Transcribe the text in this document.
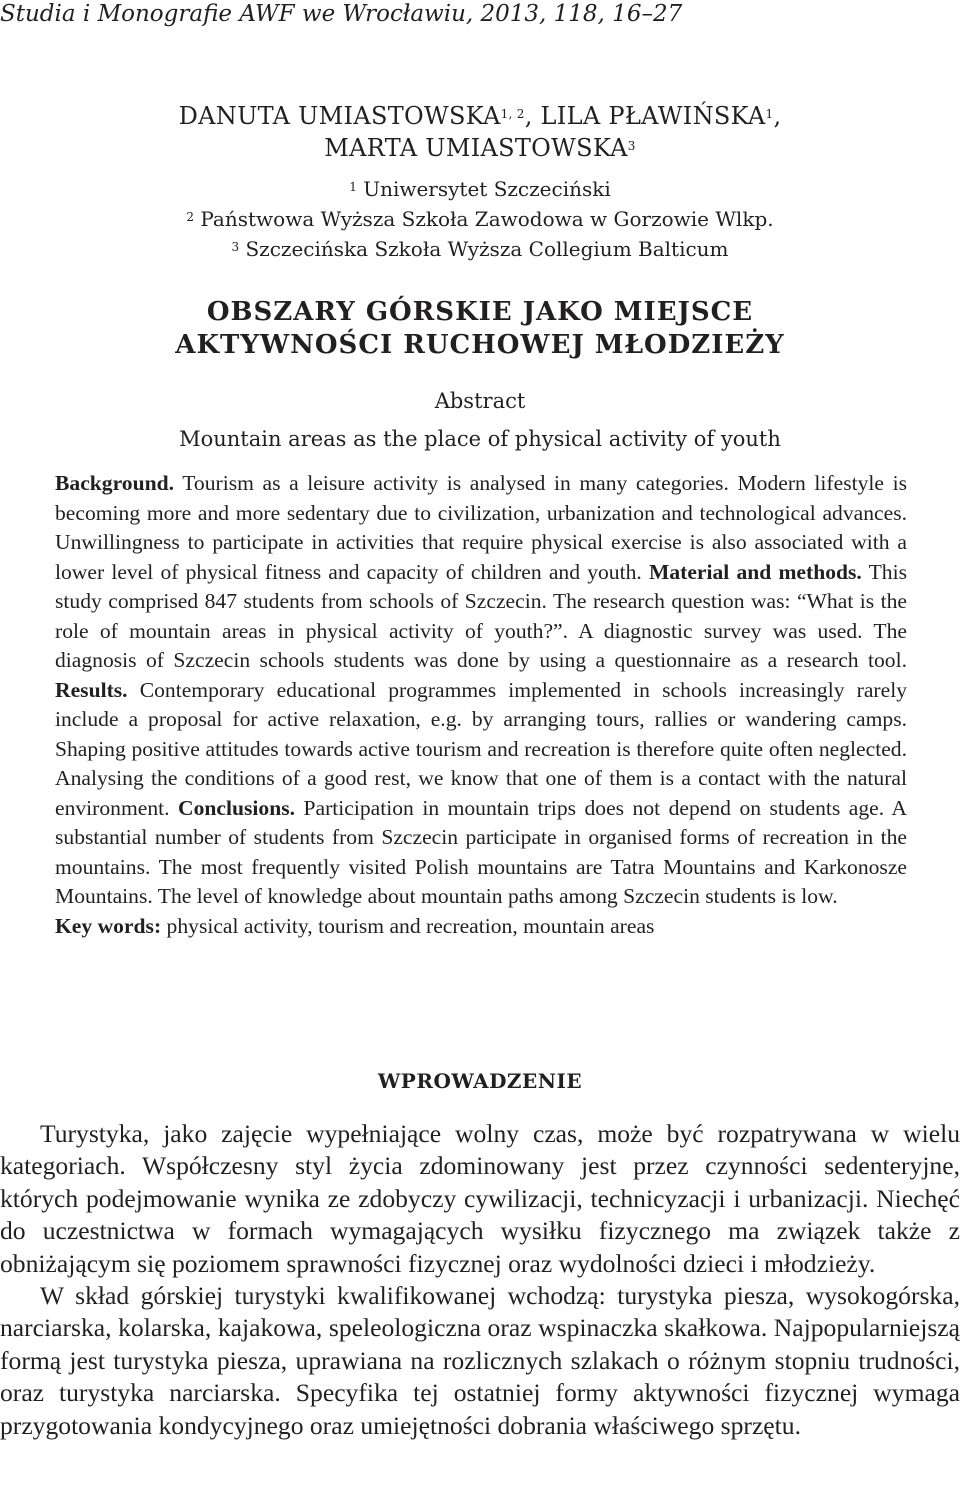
Studia i Monografie AWF we Wrocławiu, 2013, 118, 16–27
DANUTA UMIASTOWSKA$^{1, 2}$, LILA PŁAWIŃSKA$^1$,
MARTA UMIASTOWSKA$^3$
$^1$ Uniwersytet Szczeciński
$^2$ Państwowa Wyższa Szkoła Zawodowa w Gorzowie Wlkp.
$^3$ Szczecińska Szkoła Wyższa Collegium Balticum
OBSZARY GÓRSKIE JAKO MIEJSCE
AKTYWNOŚCI RUCHOWEJ MŁODZIEŻY
Abstract
Mountain areas as the place of physical activity of youth
Background. Tourism as a leisure activity is analysed in many categories. Modern lifestyle is becoming more and more sedentary due to civilization, urbanization and technological advances. Unwillingness to participate in activities that require physical exercise is also associated with a lower level of physical fitness and capacity of children and youth. Material and methods. This study comprised 847 students from schools of Szczecin. The research question was: “What is the role of mountain areas in physical activity of youth?”. A diagnostic survey was used. The diagnosis of Szczecin schools students was done by using a questionnaire as a research tool. Results. Contemporary educational programmes implemented in schools increasingly rarely include a proposal for active relaxation, e.g. by arranging tours, rallies or wandering camps. Shaping positive attitudes towards active tourism and recreation is therefore quite often neglected. Analysing the conditions of a good rest, we know that one of them is a contact with the natural environment. Conclusions. Participation in mountain trips does not depend on students age. A substantial number of students from Szczecin participate in organised forms of recreation in the mountains. The most frequently visited Polish mountains are Tatra Mountains and Karkonosze Mountains. The level of knowledge about mountain paths among Szczecin students is low.
Key words: physical activity, tourism and recreation, mountain areas
WPROWADZENIE

Turystyka, jako zajęcie wypełniające wolny czas, może być rozpatrywana w wielu kategoriach. Współczesny styl życia zdominowany jest przez czynności sedenteryjne, których podejmowanie wynika ze zdobyczy cywilizacji, technicyzacji i urbanizacji. Niechęć do uczestnictwa w formach wymagających wysiłku fizycznego ma związek także z obniżającym się poziomem sprawności fizycznej oraz wydolności dzieci i młodzieży.

W skład górskiej turystyki kwalifikowanej wchodzą: turystyka piesza, wysokogórska, narciarska, kolarska, kajakowa, speleologiczna oraz wspinaczka skałkowa. Najpopularniejszą formą jest turystyka piesza, uprawiana na rozlicznych szlakach o różnym stopniu trudności, oraz turystyka narciarska. Specyfika tej ostatniej formy aktywności fizycznej wymaga przygotowania kondycyjnego oraz umiejętności dobrania właściwego sprzętu.
